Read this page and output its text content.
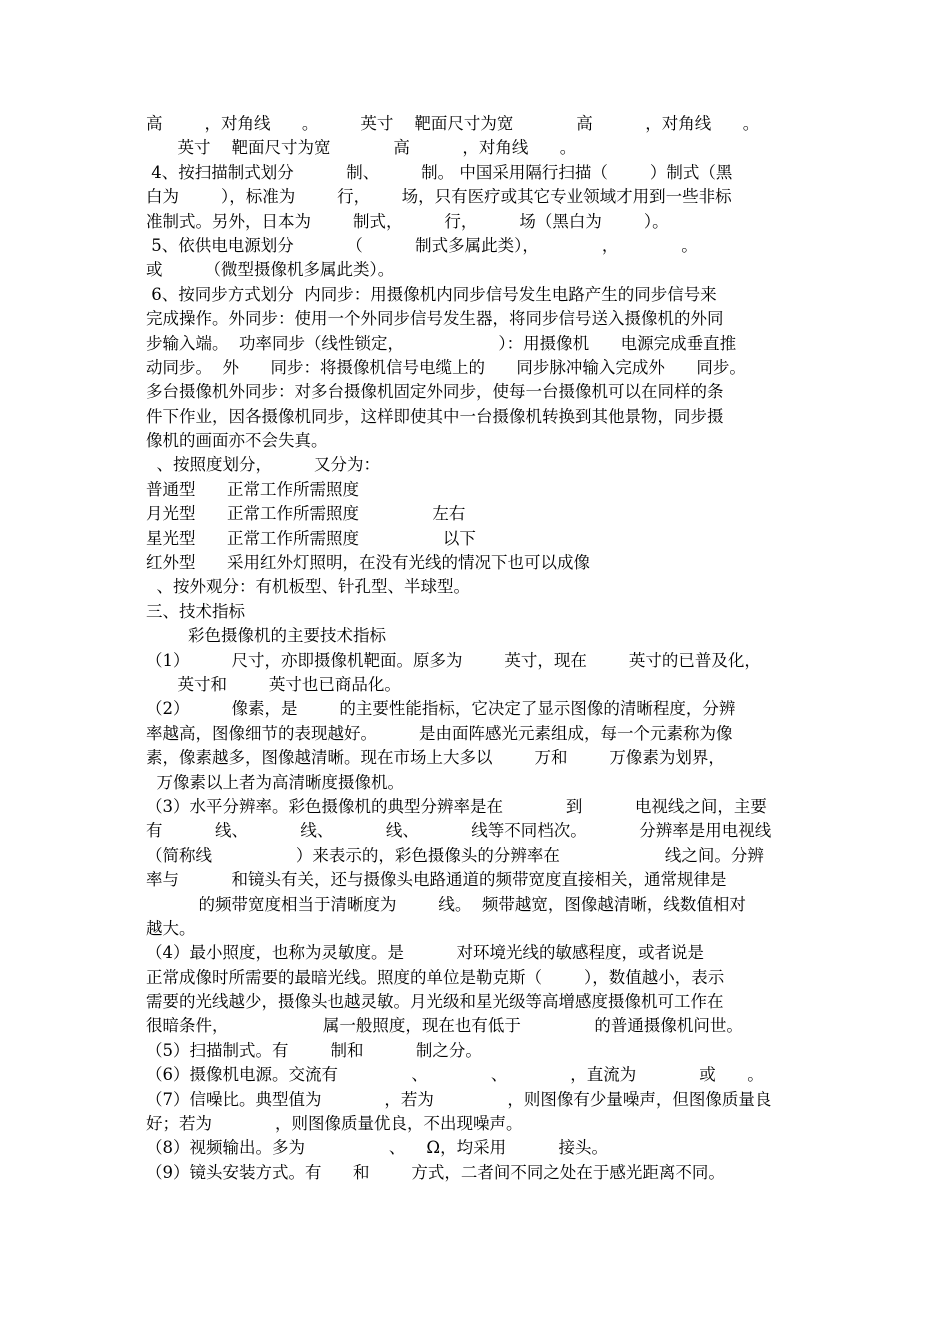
高        ，对角线      。        英寸    靶面尺寸为宽            高          ，对角线      。
英寸    靶面尺寸为宽            高          ，对角线      。
4、按扫描制式划分          制、        制。 中国采用隔行扫描（        ）制式（黑
白为        ），标准为        行，      场，只有医疗或其它专业领域才用到一些非标
准制式。另外，日本为        制式，        行，        场（黑白为        ）。
5、依供电电源划分          （          制式多属此类），            ，            。
或        （微型摄像机多属此类）。
6、按同步方式划分  内同步：用摄像机内同步信号发生电路产生的同步信号来
完成操作。外同步：使用一个外同步信号发生器，将同步信号送入摄像机的外同
步输入端。  功率同步（线性锁定，                  ）：用摄像机      电源完成垂直推
动同步。  外      同步：将摄像机信号电缆上的      同步脉冲输入完成外      同步。
多台摄像机外同步：对多台摄像机固定外同步，使每一台摄像机可以在同样的条
件下作业，因各摄像机同步，这样即使其中一台摄像机转换到其他景物，同步摄
像机的画面亦不会失真。
、按照度划分，        又分为：
普通型      正常工作所需照度
月光型      正常工作所需照度              左右
星光型      正常工作所需照度                以下
红外型      采用红外灯照明，在没有光线的情况下也可以成像
、按外观分：有机板型、针孔型、半球型。
三、技术指标
彩色摄像机的主要技术指标
（1）        尺寸，亦即摄像机靶面。原多为        英寸，现在        英寸的已普及化，
英寸和        英寸也已商品化。
（2）        像素，是        的主要性能指标，它决定了显示图像的清晰程度，分辨
率越高，图像细节的表现越好。        是由面阵感光元素组成，每一个元素称为像
素，像素越多，图像越清晰。现在市场上大多以        万和        万像素为划界，
万像素以上者为高清晰度摄像机。
（3）水平分辨率。彩色摄像机的典型分辨率是在            到          电视线之间，主要
有          线、          线、          线、          线等不同档次。          分辨率是用电视线
（简称线                ）来表示的，彩色摄像头的分辨率在                    线之间。分辨
率与          和镜头有关，还与摄像头电路通道的频带宽度直接相关，通常规律是
的频带宽度相当于清晰度为        线。  频带越宽，图像越清晰，线数值相对
越大。
（4）最小照度，也称为灵敏度。是          对环境光线的敏感程度，或者说是
正常成像时所需要的最暗光线。照度的单位是勒克斯（        ），数值越小，表示
需要的光线越少，摄像头也越灵敏。月光级和星光级等高增感度摄像机可工作在
很暗条件，                  属一般照度，现在也有低于              的普通摄像机问世。
（5）扫描制式。有        制和          制之分。
（6）摄像机电源。交流有              、            、            ，直流为            或      。
（7）信噪比。典型值为            ，若为              ，则图像有少量噪声，但图像质量良
好；若为            ，则图像质量优良，不出现噪声。
（8）视频输出。多为                、    Ω，均采用          接头。
（9）镜头安装方式。有      和        方式，二者间不同之处在于感光距离不同。
